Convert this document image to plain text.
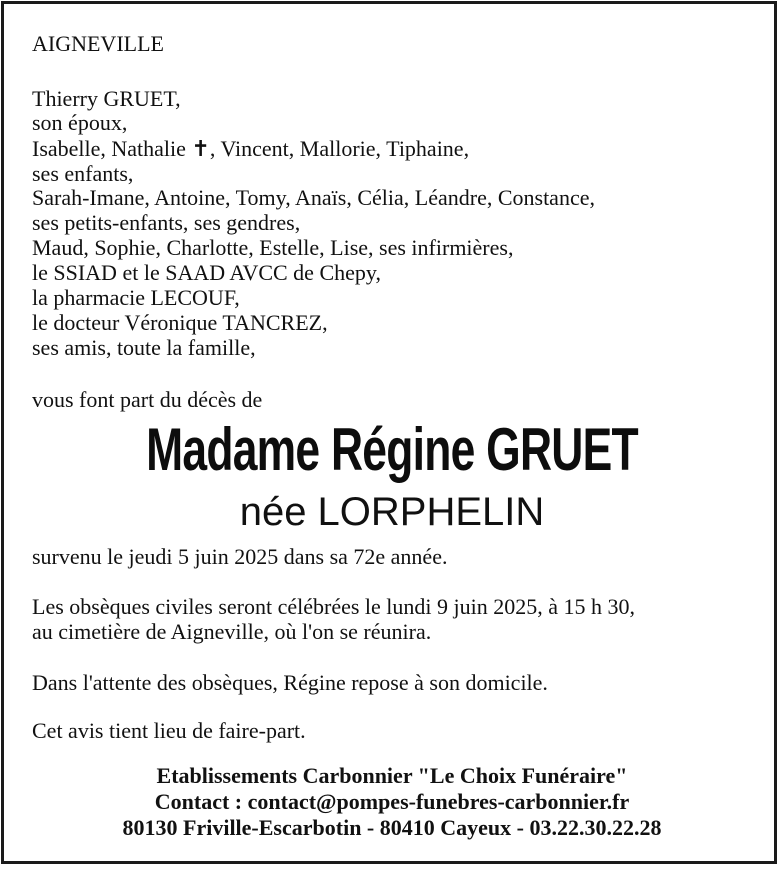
AIGNEVILLE

Thierry GRUET,

son époux,

Isabelle, Nathalie ✝, Vincent, Mallorie, Tiphaine,

ses enfants,

Sarah-Imane, Antoine, Tomy, Anaïs, Célia, Léandre, Constance,

ses petits-enfants, ses gendres,

Maud, Sophie, Charlotte, Estelle, Lise, ses infirmières,

le SSIAD et le SAAD AVCC de Chepy,

la pharmacie LECOUF,

le docteur Véronique TANCREZ,

ses amis, toute la famille,

vous font part du décès de

Madame Régine GRUET
née LORPHELIN

survenu le jeudi 5 juin 2025 dans sa 72e année.

Les obsèques civiles seront célébrées le lundi 9 juin 2025, à 15 h 30,

au cimetière de Aigneville, où l'on se réunira.

Dans l'attente des obsèques, Régine repose à son domicile.

Cet avis tient lieu de faire-part.

Etablissements Carbonnier "Le Choix Funéraire"
Contact : contact@pompes-funebres-carbonnier.fr
80130 Friville-Escarbotin - 80410 Cayeux - 03.22.30.22.28
